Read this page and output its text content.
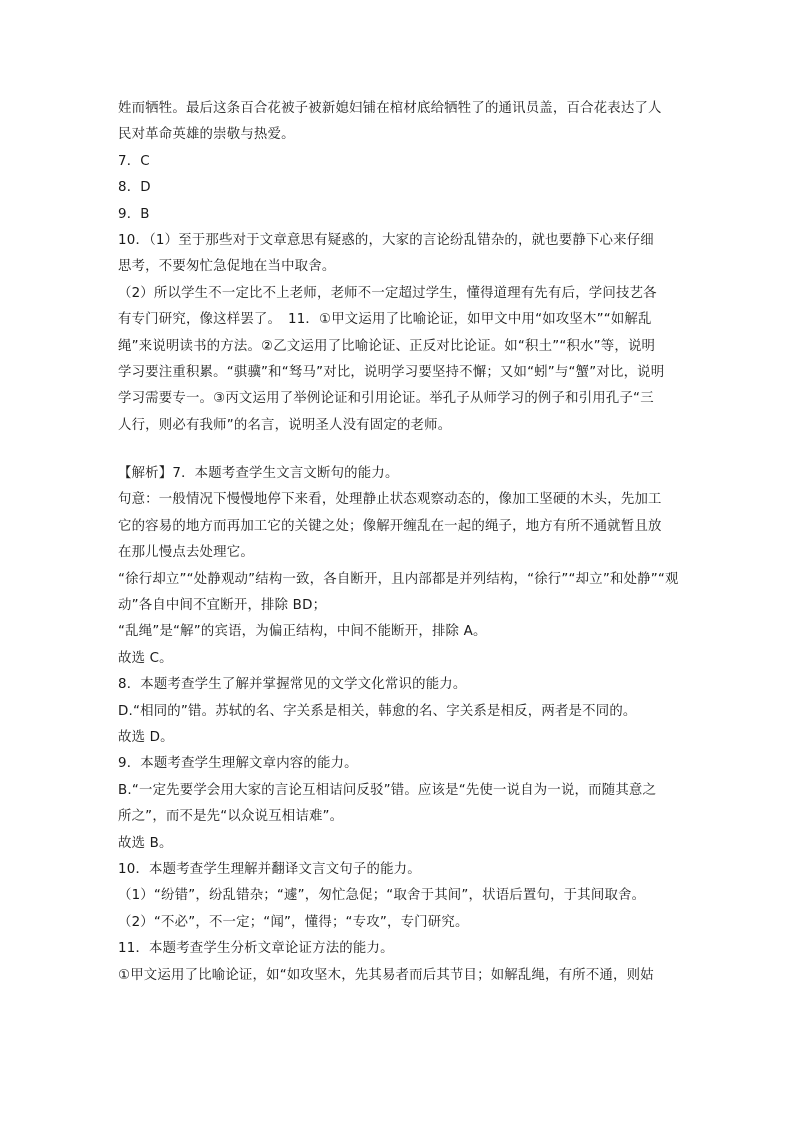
姓而牺牲。最后这条百合花被子被新媳妇铺在棺材底给牺牲了的通讯员盖，百合花表达了人
民对革命英雄的崇敬与热爱。
7．C
8．D
9．B
10．（1）至于那些对于文章意思有疑惑的，大家的言论纷乱错杂的，就也要静下心来仔细
思考，不要匆忙急促地在当中取舍。
（2）所以学生不一定比不上老师，老师不一定超过学生，懂得道理有先有后，学问技艺各
有专门研究，像这样罢了。　11．①甲文运用了比喻论证，如甲文中用“如攻坚木”“如解乱
绳”来说明读书的方法。②乙文运用了比喻论证、正反对比论证。如“积土”“积水”等，说明
学习要注重积累。“骐骥”和“驽马”对比，说明学习要坚持不懈；又如“蚓”与“蟹”对比，说明
学习需要专一。③丙文运用了举例论证和引用论证。举孔子从师学习的例子和引用孔子“三
人行，则必有我师”的名言，说明圣人没有固定的老师。
【解析】7．本题考查学生文言文断句的能力。
句意：一般情况下慢慢地停下来看，处理静止状态观察动态的，像加工坚硬的木头，先加工
它的容易的地方而再加工它的关键之处；像解开缠乱在一起的绳子，地方有所不通就暂且放
在那儿慢点去处理它。
“徐行却立”“处静观动”结构一致，各自断开，且内部都是并列结构，“徐行”“却立”和处静”“观
动”各自中间不宜断开，排除 BD；
“乱绳”是“解”的宾语，为偏正结构，中间不能断开，排除 A。
故选 C。
8．本题考查学生了解并掌握常见的文学文化常识的能力。
D.“相同的”错。苏轼的名、字关系是相关，韩愈的名、字关系是相反，两者是不同的。
故选 D。
9．本题考查学生理解文章内容的能力。
B.“一定先要学会用大家的言论互相诘问反驳”错。应该是“先使一说自为一说，而随其意之
所之”，而不是先“以众说互相诘难”。
故选 B。
10．本题考查学生理解并翻译文言文句子的能力。
（1）“纷错”，纷乱错杂；“遽”，匆忙急促；“取舍于其间”，状语后置句，于其间取舍。
（2）“不必”，不一定；“闻”，懂得；“专攻”，专门研究。
11．本题考查学生分析文章论证方法的能力。
①甲文运用了比喻论证，如“如攻坚木，先其易者而后其节目；如解乱绳，有所不通，则姑
